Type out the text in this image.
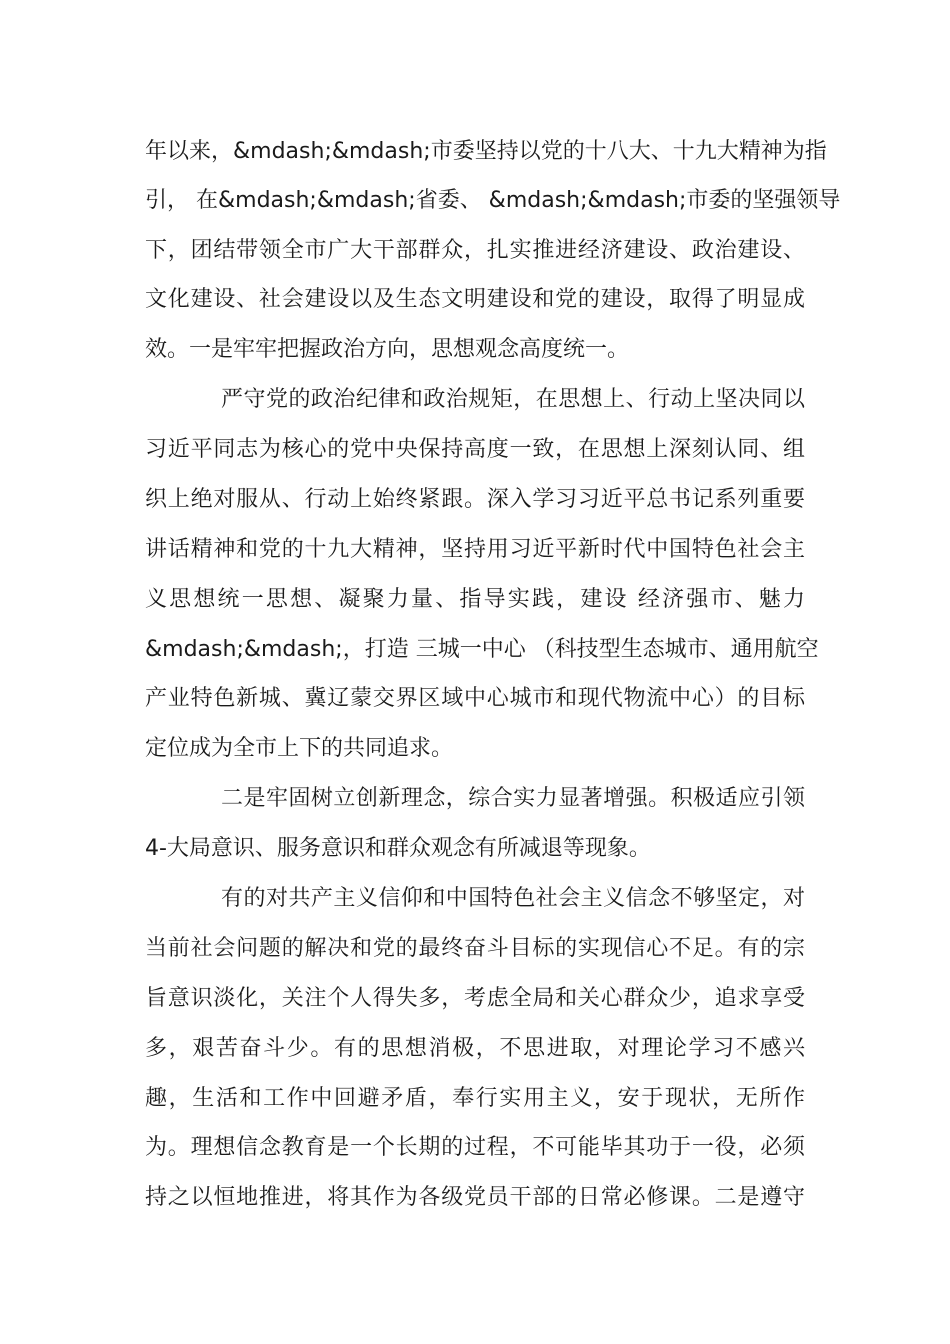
年以来，&mdash;&mdash;市委坚持以党的十八大、十九大精神为指

引， 在&mdash;&mdash;省委、 &mdash;&mdash;市委的坚强领导

下，团结带领全市广大干部群众，扎实推进经济建设、政治建设、

文化建设、社会建设以及生态文明建设和党的建设，取得了明显成

效。一是牢牢把握政治方向，思想观念高度统一。

严守党的政治纪律和政治规矩，在思想上、行动上坚决同以

习近平同志为核心的党中央保持高度一致，在思想上深刻认同、组

织上绝对服从、行动上始终紧跟。深入学习习近平总书记系列重要

讲话精神和党的十九大精神，坚持用习近平新时代中国特色社会主

义思想统一思想、凝聚力量、指导实践，建设 经济强市、魅力

&mdash;&mdash;，打造 三城一中心 （科技型生态城市、通用航空

产业特色新城、冀辽蒙交界区域中心城市和现代物流中心）的目标

定位成为全市上下的共同追求。

二是牢固树立创新理念，综合实力显著增强。积极适应引领

4-大局意识、服务意识和群众观念有所减退等现象。

有的对共产主义信仰和中国特色社会主义信念不够坚定，对

当前社会问题的解决和党的最终奋斗目标的实现信心不足。有的宗

旨意识淡化，关注个人得失多，考虑全局和关心群众少，追求享受

多，艰苦奋斗少。有的思想消极，不思进取，对理论学习不感兴

趣，生活和工作中回避矛盾，奉行实用主义，安于现状，无所作

为。理想信念教育是一个长期的过程，不可能毕其功于一役，必须

持之以恒地推进，将其作为各级党员干部的日常必修课。二是遵守
